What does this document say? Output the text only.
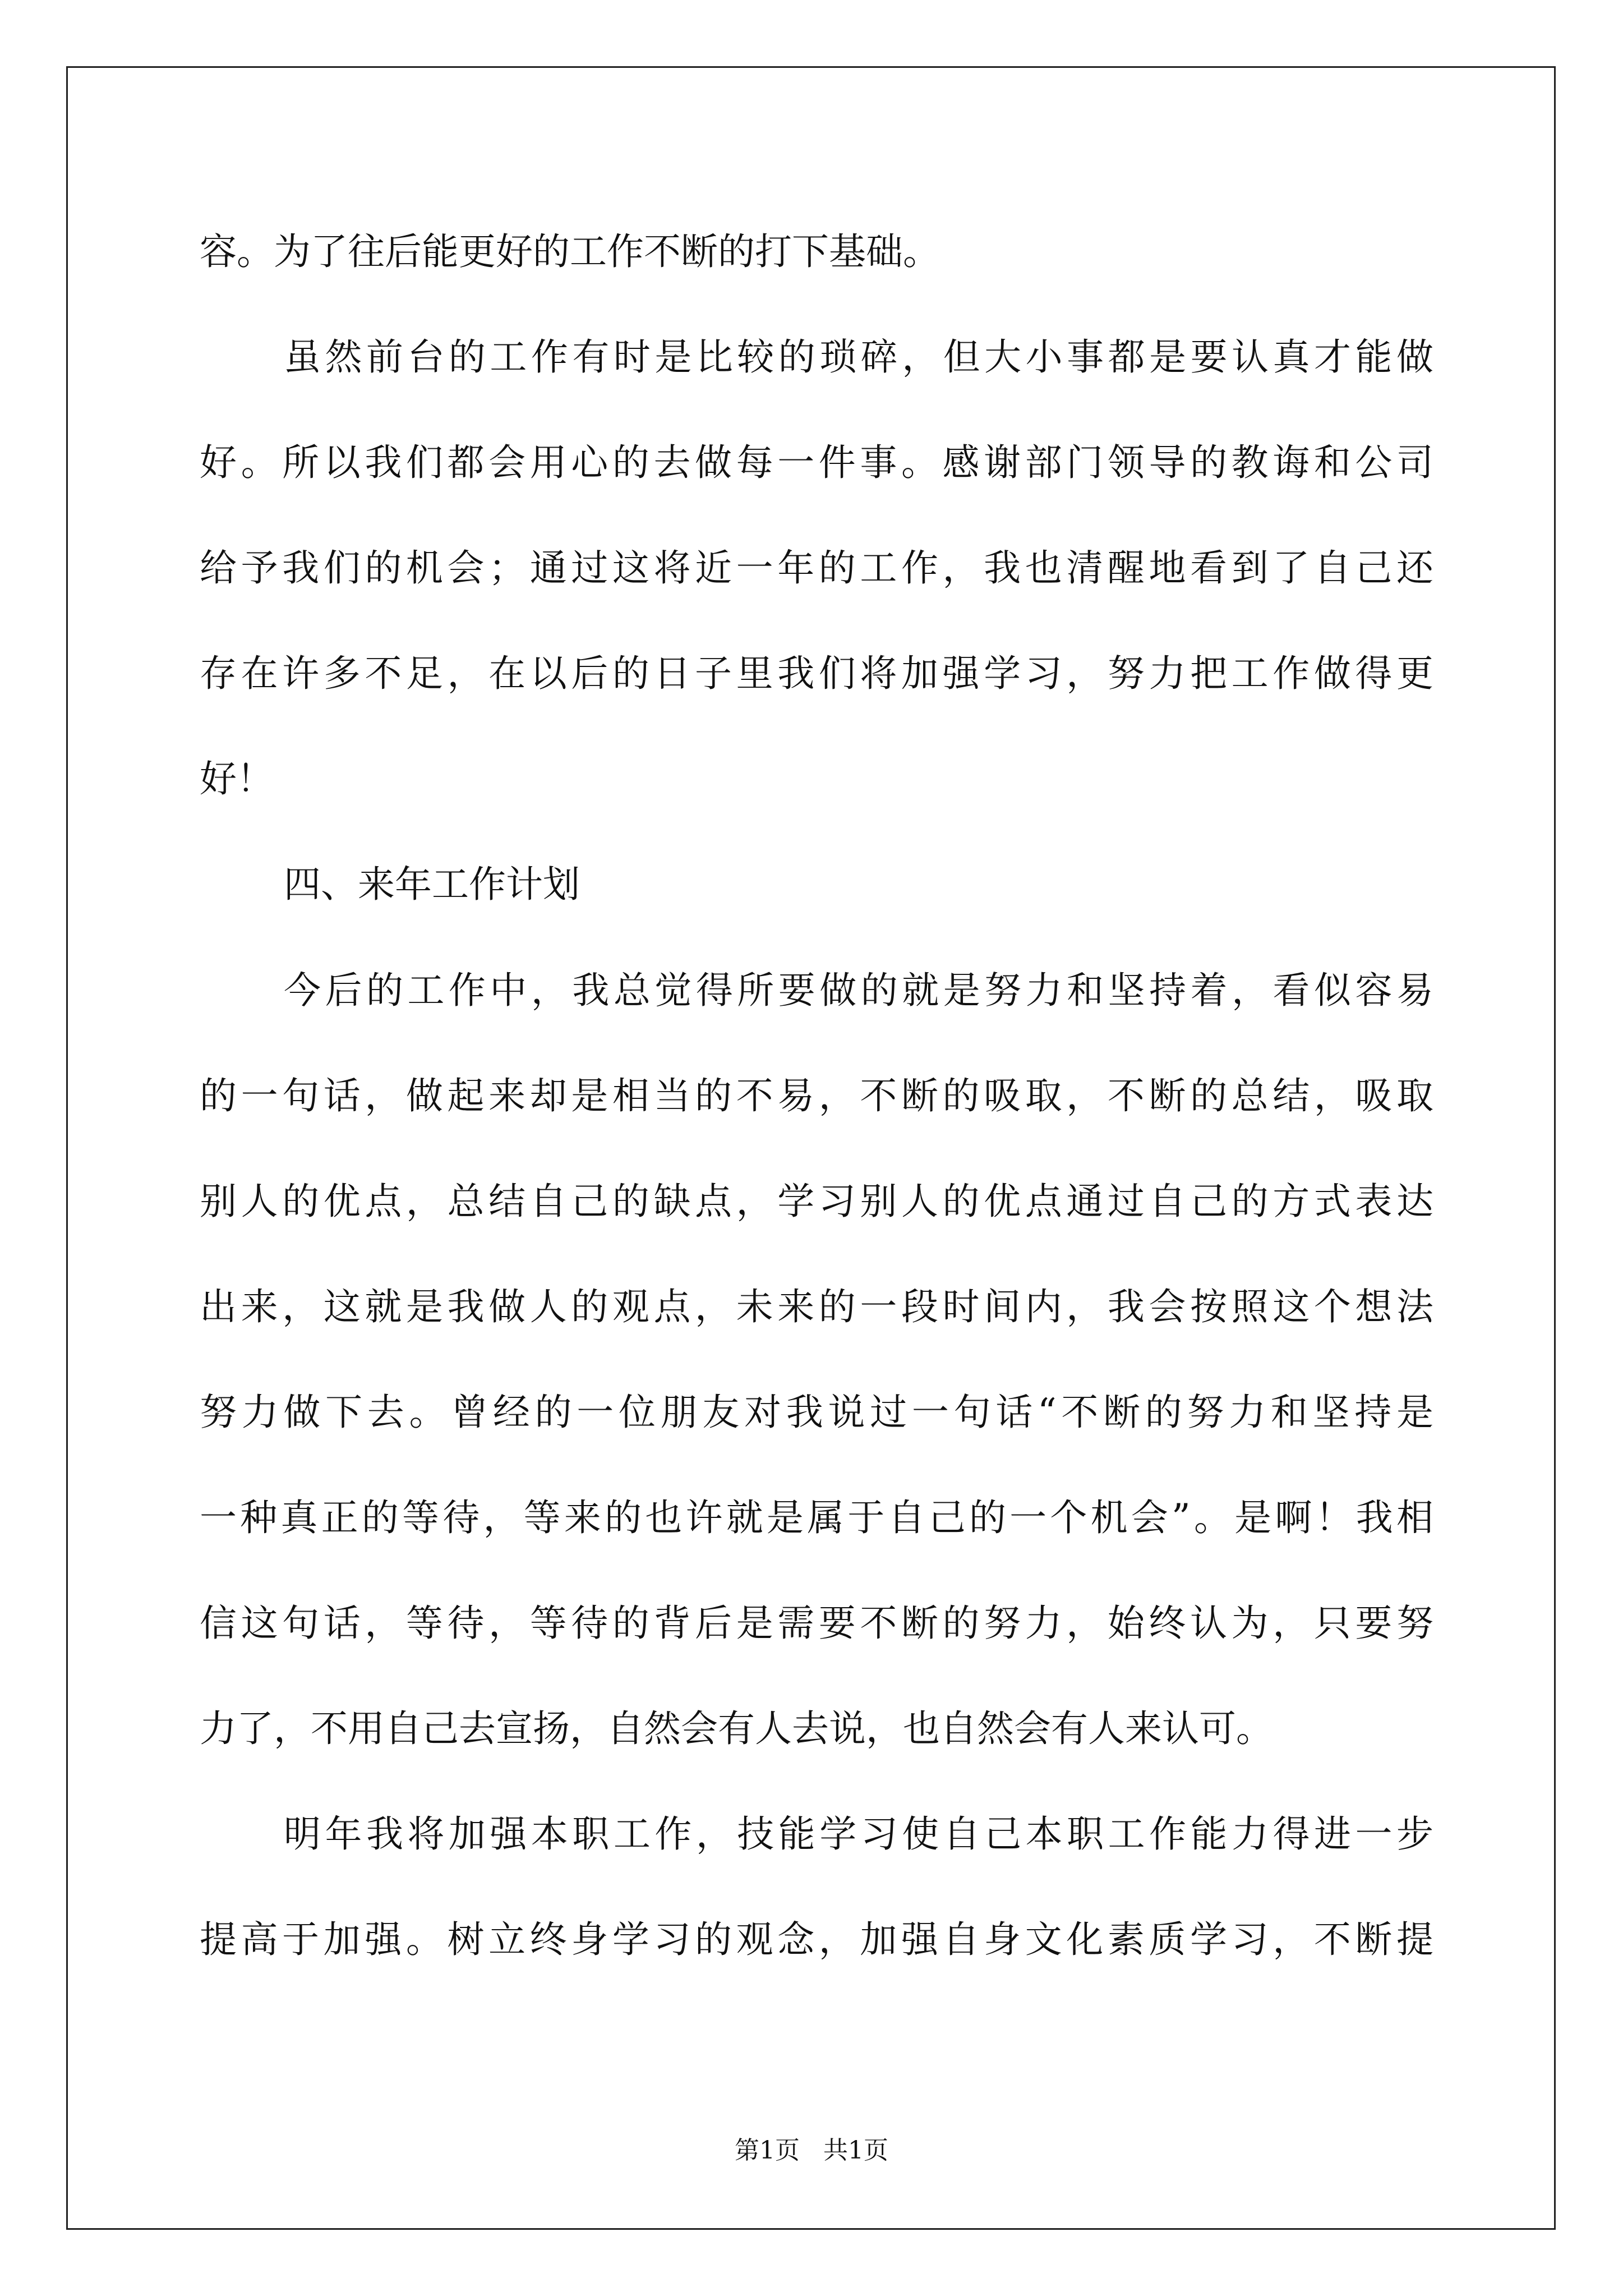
容。为了往后能更好的工作不断的打下基础。
虽然前台的工作有时是比较的琐碎，但大小事都是要认真才能做
好。所以我们都会用心的去做每一件事。感谢部门领导的教诲和公司
给予我们的机会；通过这将近一年的工作，我也清醒地看到了自己还
存在许多不足，在以后的日子里我们将加强学习，努力把工作做得更
好！
四、来年工作计划
今后的工作中，我总觉得所要做的就是努力和坚持着，看似容易
的一句话，做起来却是相当的不易，不断的吸取，不断的总结，吸取
别人的优点，总结自己的缺点，学习别人的优点通过自己的方式表达
出来，这就是我做人的观点，未来的一段时间内，我会按照这个想法
努力做下去。曾经的一位朋友对我说过一句话“不断的努力和坚持是
一种真正的等待，等来的也许就是属于自己的一个机会”。是啊！我相
信这句话，等待，等待的背后是需要不断的努力，始终认为，只要努
力了，不用自己去宣扬，自然会有人去说，也自然会有人来认可。
明年我将加强本职工作，技能学习使自己本职工作能力得进一步
提高于加强。树立终身学习的观念，加强自身文化素质学习，不断提
第1页   共1页
